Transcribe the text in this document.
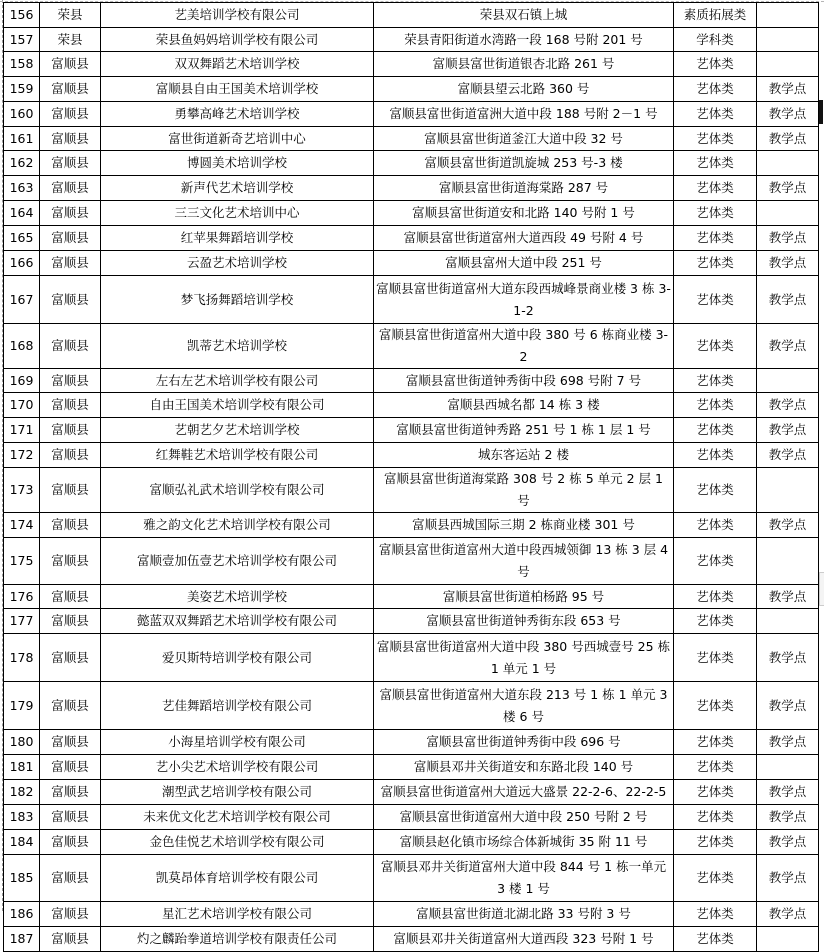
156	荣县	艺美培训学校有限公司	荣县双石镇上城	素质拓展类	
157	荣县	荣县鱼妈妈培训学校有限公司	荣县青阳街道水湾路一段 168 号附 201 号	学科类	
158	富顺县	双双舞蹈艺术培训学校	富顺县富世街道银杏北路 261 号	艺体类	
159	富顺县	富顺县自由王国美术培训学校	富顺县望云北路 360 号	艺体类	教学点
160	富顺县	勇攀高峰艺术培训学校	富顺县富世街道富洲大道中段 188 号附 2－1 号	艺体类	教学点
161	富顺县	富世街道新奇艺培训中心	富顺县富世街道釜江大道中段 32 号	艺体类	教学点
162	富顺县	博圆美术培训学校	富顺县富世街道凯旋城 253 号-3 楼	艺体类	
163	富顺县	新声代艺术培训学校	富顺县富世街道海棠路 287 号	艺体类	教学点
164	富顺县	三三文化艺术培训中心	富顺县富世街道安和北路 140 号附 1 号	艺体类	
165	富顺县	红苹果舞蹈培训学校	富顺县富世街道富州大道西段 49 号附 4 号	艺体类	教学点
166	富顺县	云盈艺术培训学校	富顺县富州大道中段 251 号	艺体类	教学点
167	富顺县	梦飞扬舞蹈培训学校	富顺县富世街道富州大道东段西城峰景商业楼 3 栋 3-1-2	艺体类	教学点
168	富顺县	凯蒂艺术培训学校	富顺县富世街道富州大道中段 380 号 6 栋商业楼 3-2	艺体类	教学点
169	富顺县	左右左艺术培训学校有限公司	富顺县富世街道钟秀街中段 698 号附 7 号	艺体类	
170	富顺县	自由王国美术培训学校有限公司	富顺县西城名都 14 栋 3 楼	艺体类	教学点
171	富顺县	艺朝艺夕艺术培训学校	富顺县富世街道钟秀路 251 号 1 栋 1 层 1 号	艺体类	教学点
172	富顺县	红舞鞋艺术培训学校有限公司	城东客运站 2 楼	艺体类	教学点
173	富顺县	富顺弘礼武术培训学校有限公司	富顺县富世街道海棠路 308 号 2 栋 5 单元 2 层 1 号	艺体类	
174	富顺县	雅之韵文化艺术培训学校有限公司	富顺县西城国际三期 2 栋商业楼 301 号	艺体类	教学点
175	富顺县	富顺壹加伍壹艺术培训学校有限公司	富顺县富世街道富州大道中段西城领御 13 栋 3 层 4 号	艺体类	
176	富顺县	美姿艺术培训学校	富顺县富世街道柏杨路 95 号	艺体类	教学点
177	富顺县	懿蓝双双舞蹈艺术培训学校有限公司	富顺县富世街道钟秀街东段 653 号	艺体类	
178	富顺县	爱贝斯特培训学校有限公司	富顺县富世街道富州大道中段 380 号西城壹号 25 栋 1 单元 1 号	艺体类	教学点
179	富顺县	艺佳舞蹈培训学校有限公司	富顺县富世街道富州大道东段 213 号 1 栋 1 单元 3 楼 6 号	艺体类	教学点
180	富顺县	小海星培训学校有限公司	富顺县富世街道钟秀街中段 696 号	艺体类	教学点
181	富顺县	艺小尖艺术培训学校有限公司	富顺县邓井关街道安和东路北段 140 号	艺体类	
182	富顺县	潮型武艺培训学校有限公司	富顺县富世街道富州大道远大盛景 22-2-6、22-2-5	艺体类	教学点
183	富顺县	未来优文化艺术培训学校有限公司	富顺县富世街道富州大道中段 250 号附 2 号	艺体类	教学点
184	富顺县	金色佳悦艺术培训学校有限公司	富顺县赵化镇市场综合体新城街 35 附 11 号	艺体类	教学点
185	富顺县	凯莫昂体育培训学校有限公司	富顺县邓井关街道富州大道中段 844 号 1 栋一单元 3 楼 1 号	艺体类	教学点
186	富顺县	星汇艺术培训学校有限公司	富顺县富世街道北湖北路 33 号附 3 号	艺体类	教学点
187	富顺县	灼之麟跆拳道培训学校有限责任公司	富顺县邓井关街道富州大道西段 323 号附 1 号	艺体类	
